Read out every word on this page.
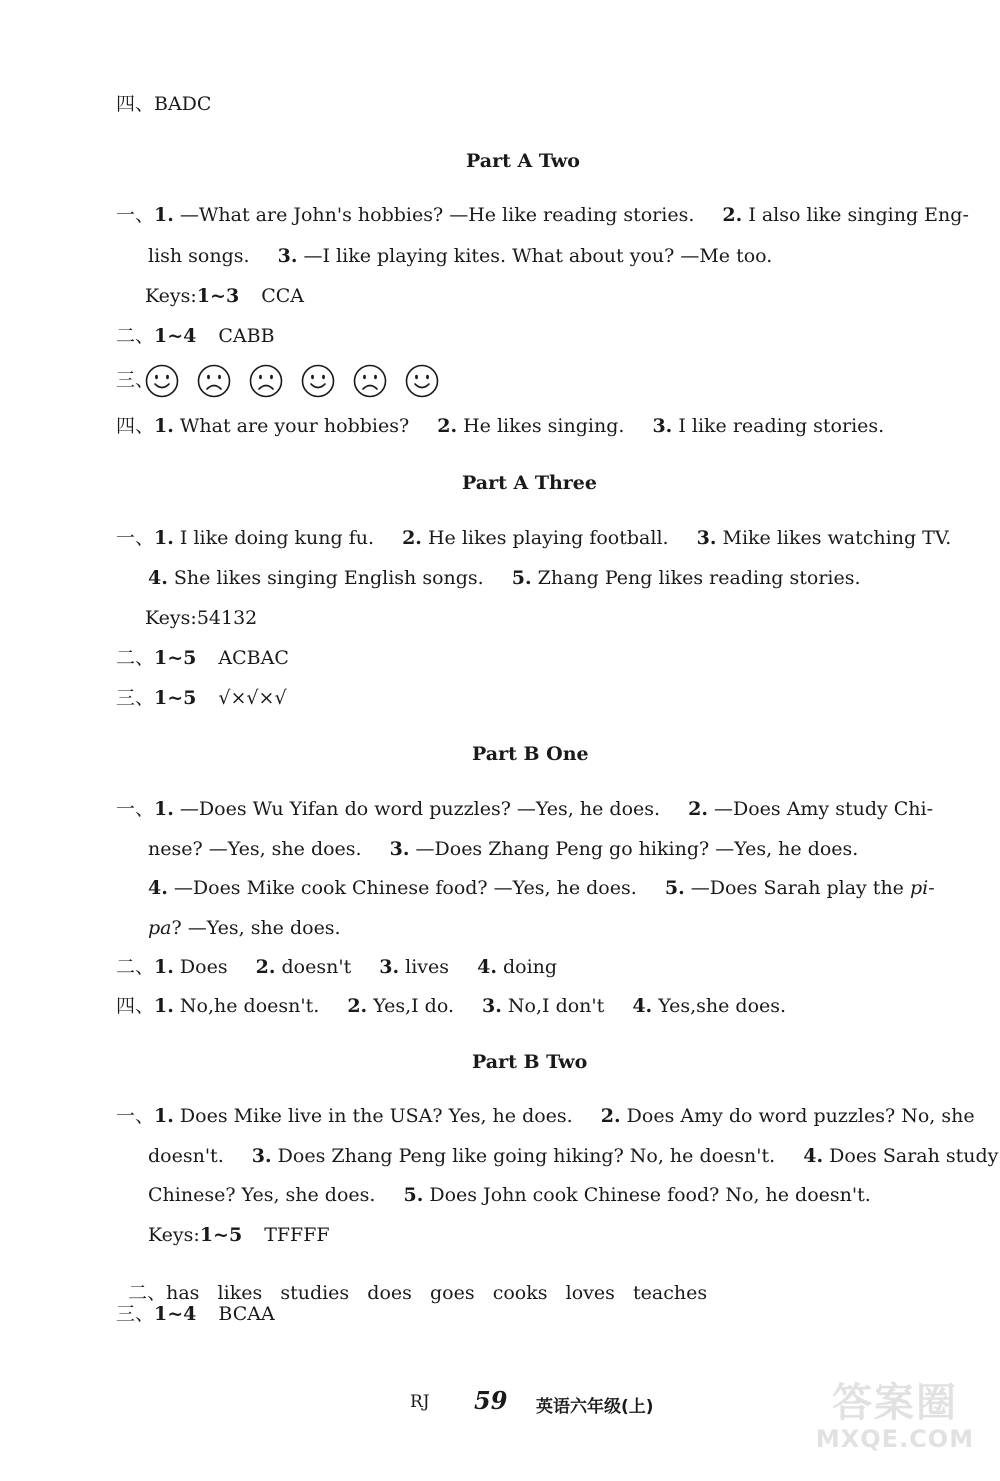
四、BADC
Part A Two
一、1. —What are John's hobbies? —He like reading stories. 2. I also like singing Eng-
lish songs. 3. —I like playing kites. What about you? —Me too.
Keys:1~3 CCA
二、1~4 CABB
三、
四、1. What are your hobbies? 2. He likes singing. 3. I like reading stories.
Part A Three
一、1. I like doing kung fu. 2. He likes playing football. 3. Mike likes watching TV.
4. She likes singing English songs. 5. Zhang Peng likes reading stories.
Keys:54132
二、1~5 ACBAC
三、1~5 √×√×√
Part B One
一、1. —Does Wu Yifan do word puzzles? —Yes, he does. 2. —Does Amy study Chi-
nese? —Yes, she does. 3. —Does Zhang Peng go hiking? —Yes, he does.
4. —Does Mike cook Chinese food? —Yes, he does. 5. —Does Sarah play the pi-
pa? —Yes, she does.
二、1. Does 2. doesn't 3. lives 4. doing
四、1. No,he doesn't. 2. Yes,I do. 3. No,I don't 4. Yes,she does.
Part B Two
一、1. Does Mike live in the USA? Yes, he does. 2. Does Amy do word puzzles? No, she
doesn't. 3. Does Zhang Peng like going hiking? No, he doesn't. 4. Does Sarah study
Chinese? Yes, she does. 5. Does John cook Chinese food? No, he doesn't.
Keys:1~5 TFFFF

二、has   likes   studies   does   goes   cooks   loves   teaches

三、1~4 BCAA
RJ 59 英语六年级(上)	答案圈
MXQE.COM
